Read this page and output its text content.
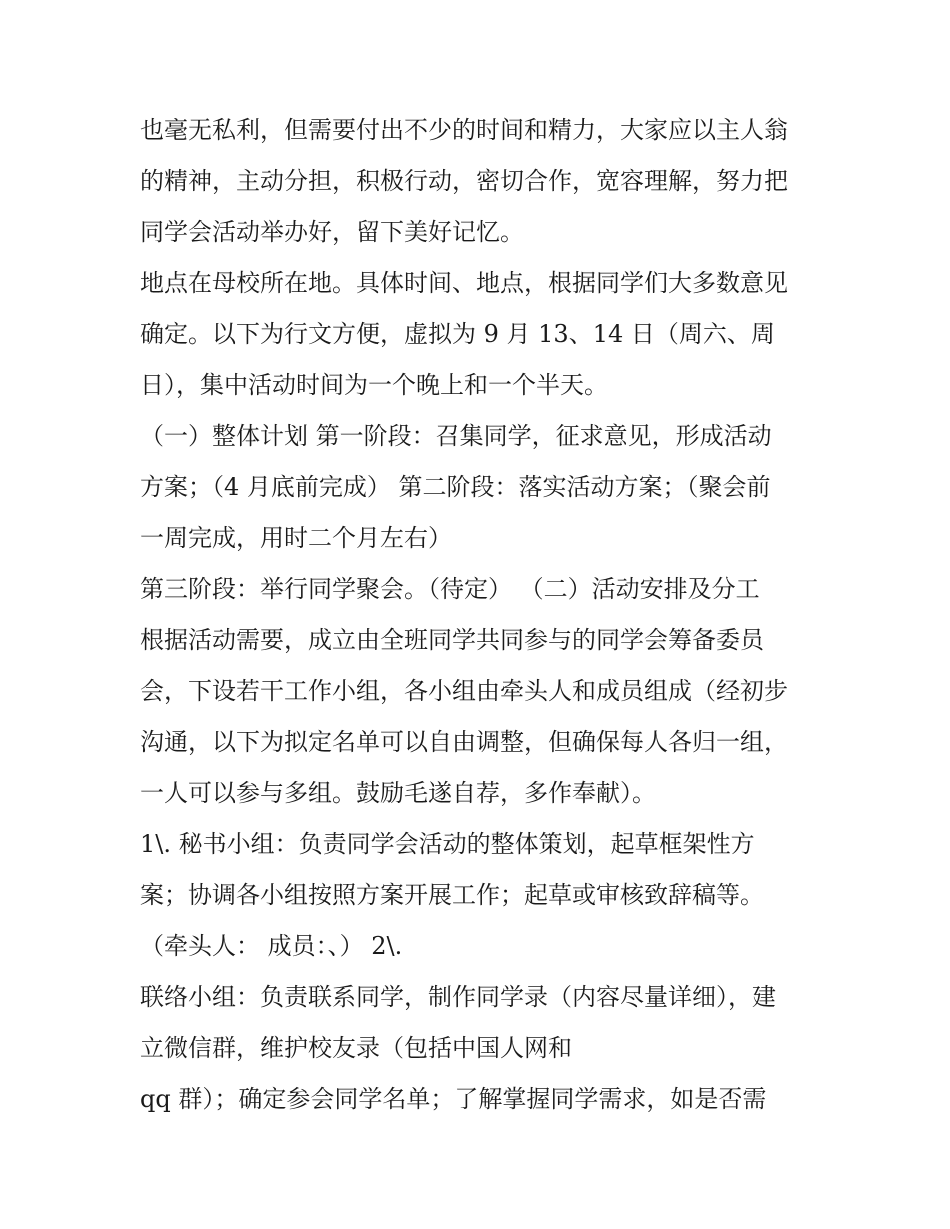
也毫无私利，但需要付出不少的时间和精力，大家应以主人翁
的精神，主动分担，积极行动，密切合作，宽容理解，努力把
同学会活动举办好，留下美好记忆。
地点在母校所在地。具体时间、地点，根据同学们大多数意见
确定。以下为行文方便，虚拟为 9 月 13、14 日（周六、周
日），集中活动时间为一个晚上和一个半天。
（一）整体计划 第一阶段：召集同学，征求意见，形成活动
方案；（4 月底前完成） 第二阶段：落实活动方案；（聚会前
一周完成，用时二个月左右）
第三阶段：举行同学聚会。（待定） （二）活动安排及分工
根据活动需要，成立由全班同学共同参与的同学会筹备委员
会，下设若干工作小组，各小组由牵头人和成员组成（经初步
沟通，以下为拟定名单可以自由调整，但确保每人各归一组，
一人可以参与多组。鼓励毛遂自荐，多作奉献）。
1\. 秘书小组：负责同学会活动的整体策划，起草框架性方
案；协调各小组按照方案开展工作；起草或审核致辞稿等。
（牵头人： 成员：、） 2\.
联络小组：负责联系同学，制作同学录（内容尽量详细），建
立微信群，维护校友录（包括中国人网和
qq 群）；确定参会同学名单；了解掌握同学需求，如是否需
